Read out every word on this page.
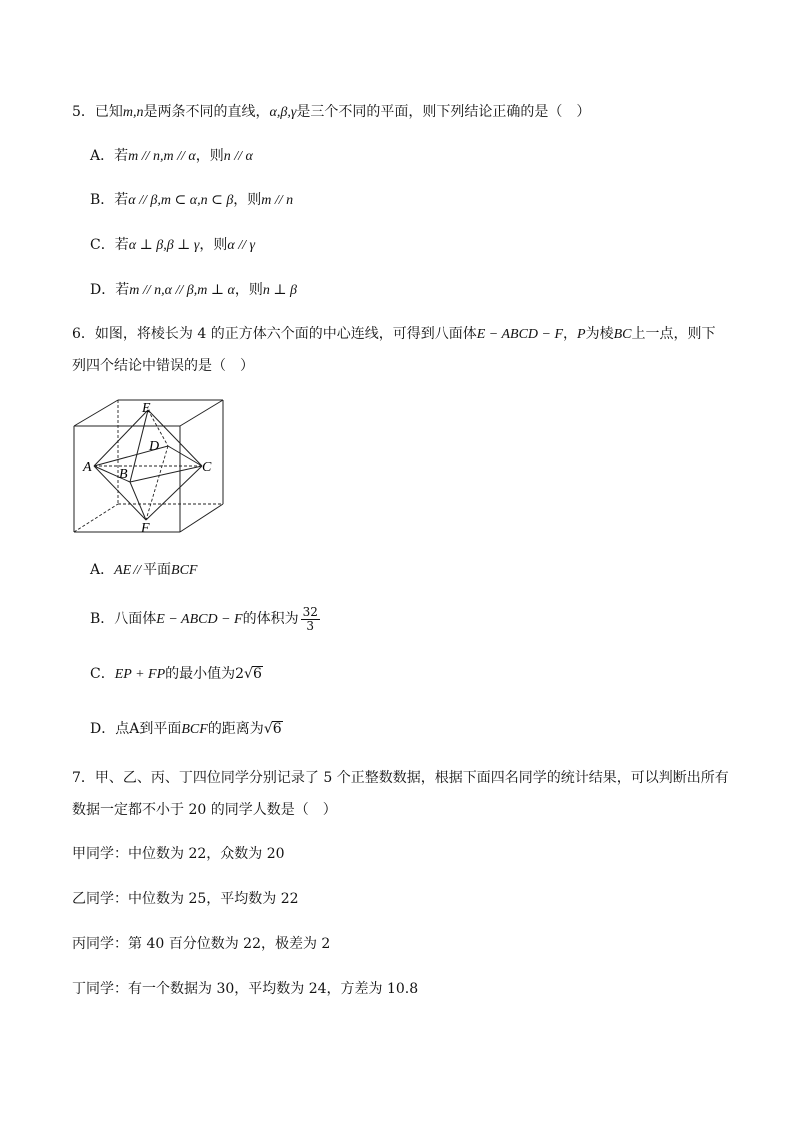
5．已知m,n是两条不同的直线，α,β,γ是三个不同的平面，则下列结论正确的是（　）
A．若m // n,m // α，则n // α
B．若α // β,m ⊂ α,n ⊂ β，则m // n
C．若α ⊥ β,β ⊥ γ，则α // γ
D．若m // n,α // β,m ⊥ α，则n ⊥ β
6．如图，将棱长为 4 的正方体六个面的中心连线，可得到八面体E − ABCD − F，P为棱BC上一点，则下
列四个结论中错误的是（　）
E
D
A B	C
F
A．AE // 平面BCF
B．八面体E − ABCD − F的体积为 $\frac{32}{3}$
C．EP + FP的最小值为2√6
D．点A到平面BCF的距离为√6
7．甲、乙、丙、丁四位同学分别记录了 5 个正整数数据，根据下面四名同学的统计结果，可以判断出所有
数据一定都不小于 20 的同学人数是（　）
甲同学：中位数为 22，众数为 20
乙同学：中位数为 25，平均数为 22
丙同学：第 40 百分位数为 22，极差为 2
丁同学：有一个数据为 30，平均数为 24，方差为 10.8
